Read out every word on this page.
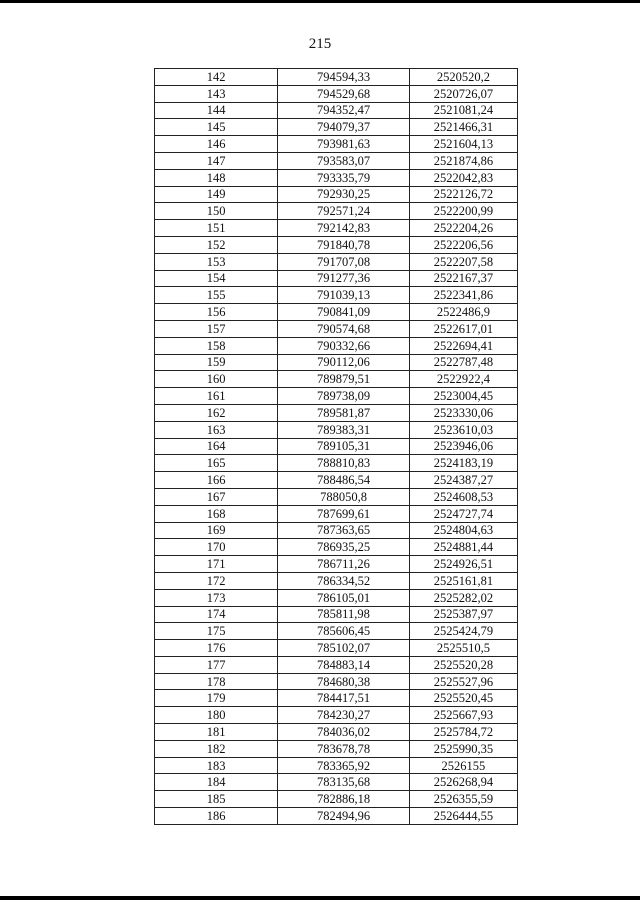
215
142	794594,33	2520520,2
143	794529,68	2520726,07
144	794352,47	2521081,24
145	794079,37	2521466,31
146	793981,63	2521604,13
147	793583,07	2521874,86
148	793335,79	2522042,83
149	792930,25	2522126,72
150	792571,24	2522200,99
151	792142,83	2522204,26
152	791840,78	2522206,56
153	791707,08	2522207,58
154	791277,36	2522167,37
155	791039,13	2522341,86
156	790841,09	2522486,9
157	790574,68	2522617,01
158	790332,66	2522694,41
159	790112,06	2522787,48
160	789879,51	2522922,4
161	789738,09	2523004,45
162	789581,87	2523330,06
163	789383,31	2523610,03
164	789105,31	2523946,06
165	788810,83	2524183,19
166	788486,54	2524387,27
167	788050,8	2524608,53
168	787699,61	2524727,74
169	787363,65	2524804,63
170	786935,25	2524881,44
171	786711,26	2524926,51
172	786334,52	2525161,81
173	786105,01	2525282,02
174	785811,98	2525387,97
175	785606,45	2525424,79
176	785102,07	2525510,5
177	784883,14	2525520,28
178	784680,38	2525527,96
179	784417,51	2525520,45
180	784230,27	2525667,93
181	784036,02	2525784,72
182	783678,78	2525990,35
183	783365,92	2526155
184	783135,68	2526268,94
185	782886,18	2526355,59
186	782494,96	2526444,55
